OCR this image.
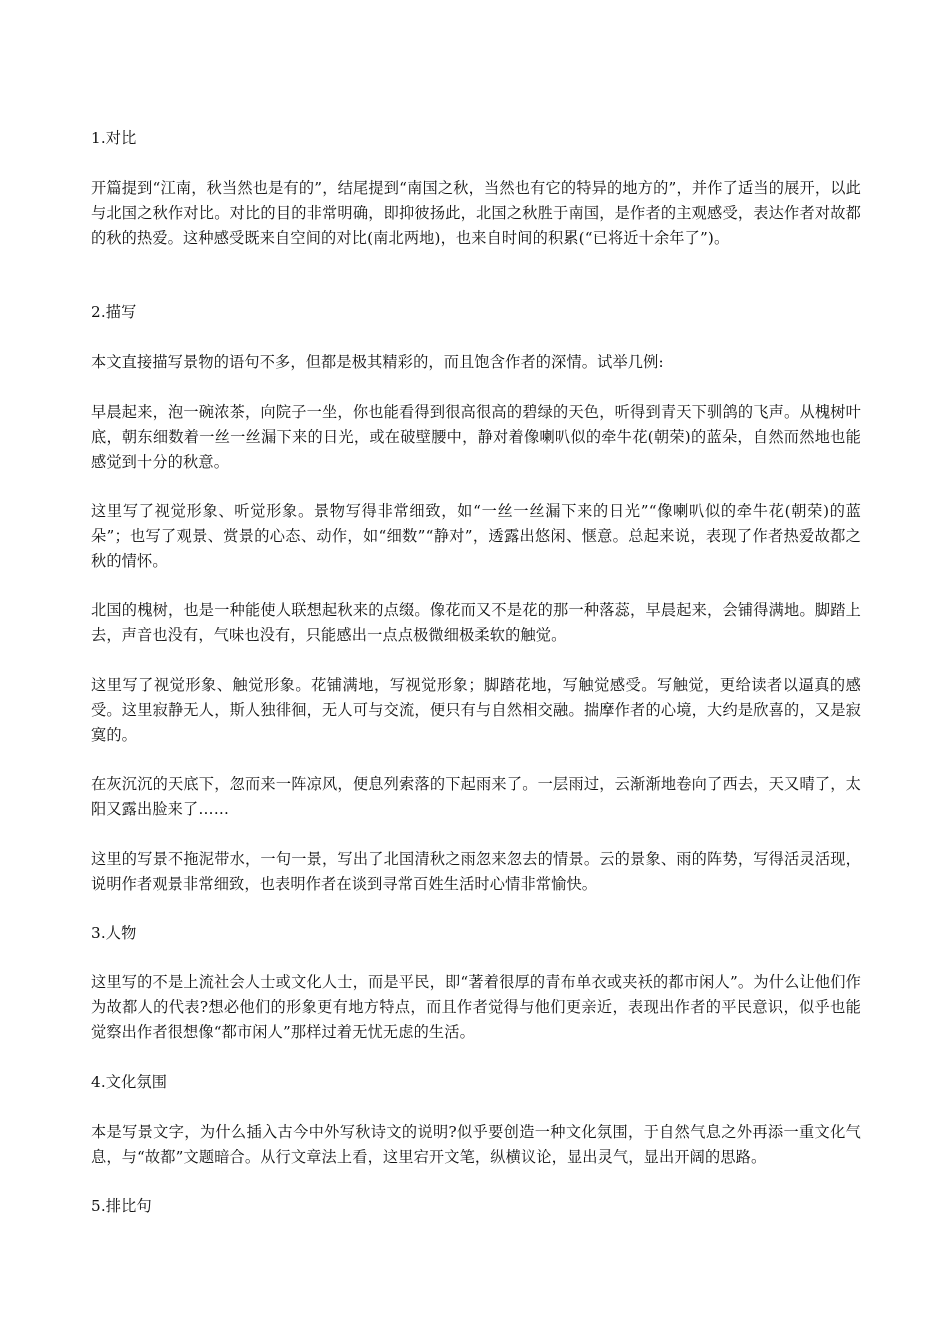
1.对比

开篇提到“江南，秋当然也是有的”，结尾提到“南国之秋，当然也有它的特异的地方的”，并作了适当的展开，以此与北国之秋作对比。对比的目的非常明确，即抑彼扬此，北国之秋胜于南国，是作者的主观感受，表达作者对故都的秋的热爱。这种感受既来自空间的对比(南北两地)，也来自时间的积累(“已将近十余年了”)。

2.描写

本文直接描写景物的语句不多，但都是极其精彩的，而且饱含作者的深情。试举几例:

早晨起来，泡一碗浓茶，向院子一坐，你也能看得到很高很高的碧绿的天色，听得到青天下驯鸽的飞声。从槐树叶底，朝东细数着一丝一丝漏下来的日光，或在破壁腰中，静对着像喇叭似的牵牛花(朝荣)的蓝朵，自然而然地也能感觉到十分的秋意。

这里写了视觉形象、听觉形象。景物写得非常细致，如“一丝一丝漏下来的日光”“像喇叭似的牵牛花(朝荣)的蓝朵”；也写了观景、赏景的心态、动作，如“细数”“静对”，透露出悠闲、惬意。总起来说，表现了作者热爱故都之秋的情怀。

北国的槐树，也是一种能使人联想起秋来的点缀。像花而又不是花的那一种落蕊，早晨起来，会铺得满地。脚踏上去，声音也没有，气味也没有，只能感出一点点极微细极柔软的触觉。

这里写了视觉形象、触觉形象。花铺满地，写视觉形象；脚踏花地，写触觉感受。写触觉，更给读者以逼真的感受。这里寂静无人，斯人独徘徊，无人可与交流，便只有与自然相交融。揣摩作者的心境，大约是欣喜的，又是寂寞的。

在灰沉沉的天底下，忽而来一阵凉风，便息列索落的下起雨来了。一层雨过，云渐渐地卷向了西去，天又晴了，太阳又露出脸来了……

这里的写景不拖泥带水，一句一景，写出了北国清秋之雨忽来忽去的情景。云的景象、雨的阵势，写得活灵活现，说明作者观景非常细致，也表明作者在谈到寻常百姓生活时心情非常愉快。

3.人物

这里写的不是上流社会人士或文化人士，而是平民，即“著着很厚的青布单衣或夹袄的都市闲人”。为什么让他们作为故都人的代表?想必他们的形象更有地方特点，而且作者觉得与他们更亲近，表现出作者的平民意识，似乎也能觉察出作者很想像“都市闲人”那样过着无忧无虑的生活。

4.文化氛围

本是写景文字，为什么插入古今中外写秋诗文的说明?似乎要创造一种文化氛围，于自然气息之外再添一重文化气息，与“故都”文题暗合。从行文章法上看，这里宕开文笔，纵横议论，显出灵气，显出开阔的思路。

5.排比句
